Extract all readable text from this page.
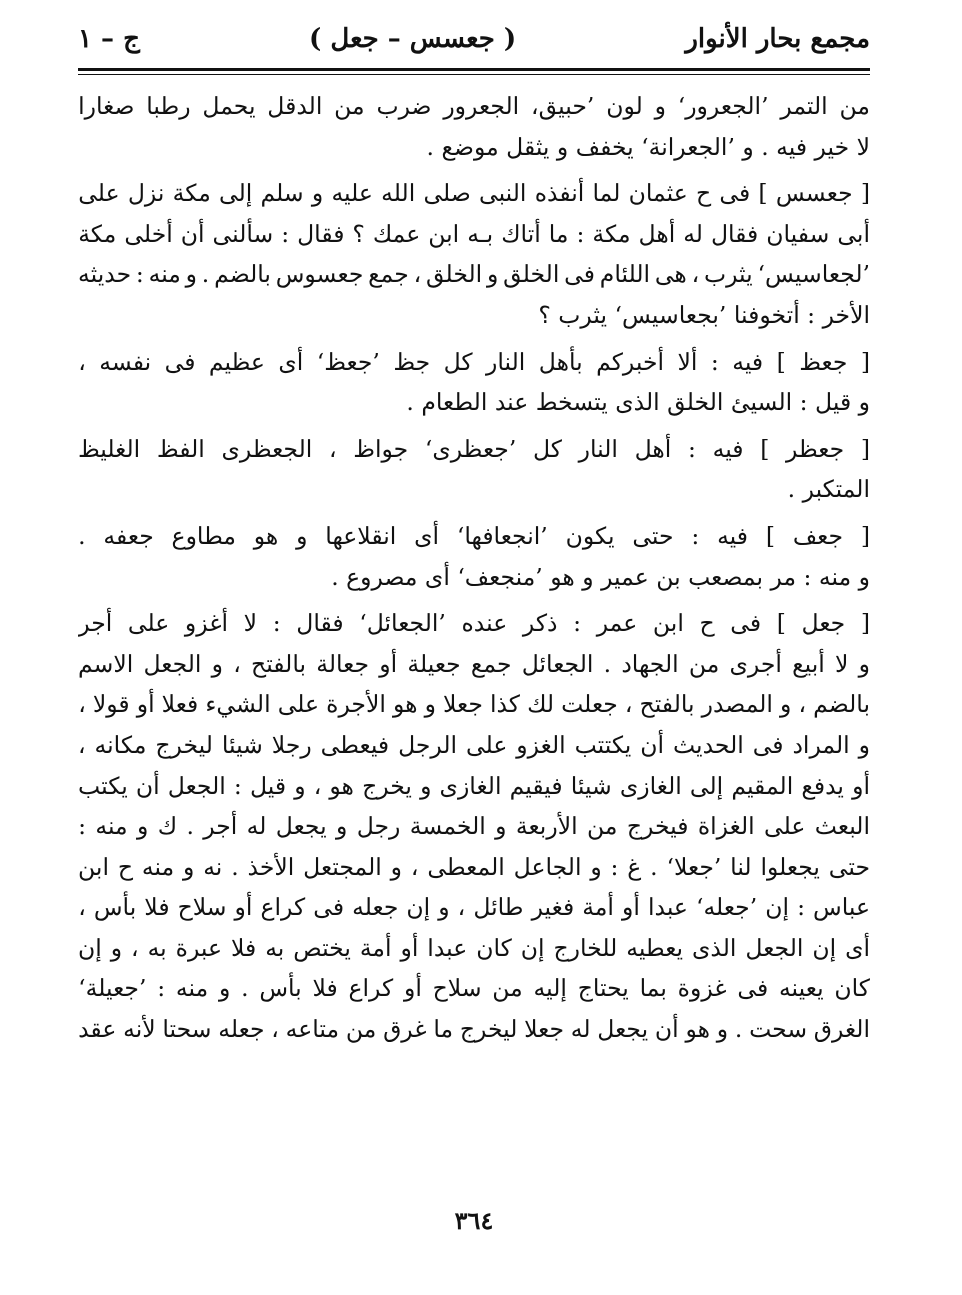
مجمع بحار الأنوار
( جعسس – جعل )
ج – ١
من
التمر
’الجعرور‘
و
لون
’حبيق،
الجعرور
ضرب
من
الدقل
يحمل
رطبا
صغارا
لا خير فيه . و ’الجعرانة‘ يخفف و يثقل موضع .
[
جعسس
]
فى
ح
عثمان
لما
أنفذه
النبى
صلى
الله
عليه
و
سلم
إلى
مكة
نزل
على
أبى
سفيان
فقال
له
أهل
مكة
:
ما
أتاك
بـه
ابن
عمك
؟
فقال
:
سألنى
أن
أخلى
مكة
’لجعاسيس‘
يثرب
،
هى
اللئام
فى
الخلق
و
الخلق
،
جمع
جعسوس
بالضم
.
و
منه
:
حديثه
الأخر : أتخوفنا ’بجعاسيس‘ يثرب ؟
[
جعظ
]
فيه
:
ألا
أخبركم
بأهل
النار
كل
جظ
’جعظ‘
أى
عظيم
فى
نفسه
،
و قيل : السيئ الخلق الذى يتسخط عند الطعام .
[
جعظر
]
فيه
:
أهل
النار
كل
’جعظرى‘
جواظ
،
الجعظرى
الفظ
الغليظ
المتكبر .
[
جعف
]
فيه
:
حتى
يكون
’انجعافها‘
أى
انقلاعها
و
هو
مطاوع
جعفه
.
و منه : مر بمصعب بن عمير و هو ’منجعف‘ أى مصروع .
[
جعل
]
فى
ح
ابن
عمر
:
ذكر
عنده
’الجعائل‘
فقال
:
لا
أغزو
على
أجر
و
لا
أبيع
أجرى
من
الجهاد
.
الجعائل
جمع
جعيلة
أو
جعالة
بالفتح
،
و
الجعل
الاسم
بالضم
،
و
المصدر
بالفتح
،
جعلت
لك
كذا
جعلا
و
هو
الأجرة
على
الشيء
فعلا
أو
قولا
،
و
المراد
فى
الحديث
أن
يكتتب
الغزو
على
الرجل
فيعطى
رجلا
شيئا
ليخرج
مكانه
،
أو
يدفع
المقيم
إلى
الغازى
شيئا
فيقيم
الغازى
و
يخرج
هو
،
و
قيل
:
الجعل
أن
يكتب
البعث
على
الغزاة
فيخرج
من
الأربعة
و
الخمسة
رجل
و
يجعل
له
أجر
.
ك
و
منه
:
حتى
يجعلوا
لنا
’جعلا‘
.
غ
:
و
الجاعل
المعطى
،
و
المجتعل
الأخذ
.
نه
و
منه
ح
ابن
عباس
:
إن
’جعله‘
عبدا
أو
أمة
فغير
طائل
،
و
إن
جعله
فى
كراع
أو
سلاح
فلا
بأس
،
أى
إن
الجعل
الذى
يعطيه
للخارج
إن
كان
عبدا
أو
أمة
يختص
به
فلا
عبرة
به
،
و
إن
كان
يعينه
فى
غزوة
بما
يحتاج
إليه
من
سلاح
أو
كراع
فلا
بأس
.
و
منه
:
’جعيلة‘
الغرق
سحت
.
و
هو
أن
يجعل
له
جعلا
ليخرج
ما
غرق
من
متاعه
،
جعله
سحتا
لأنه
عقد
٣٦٤
